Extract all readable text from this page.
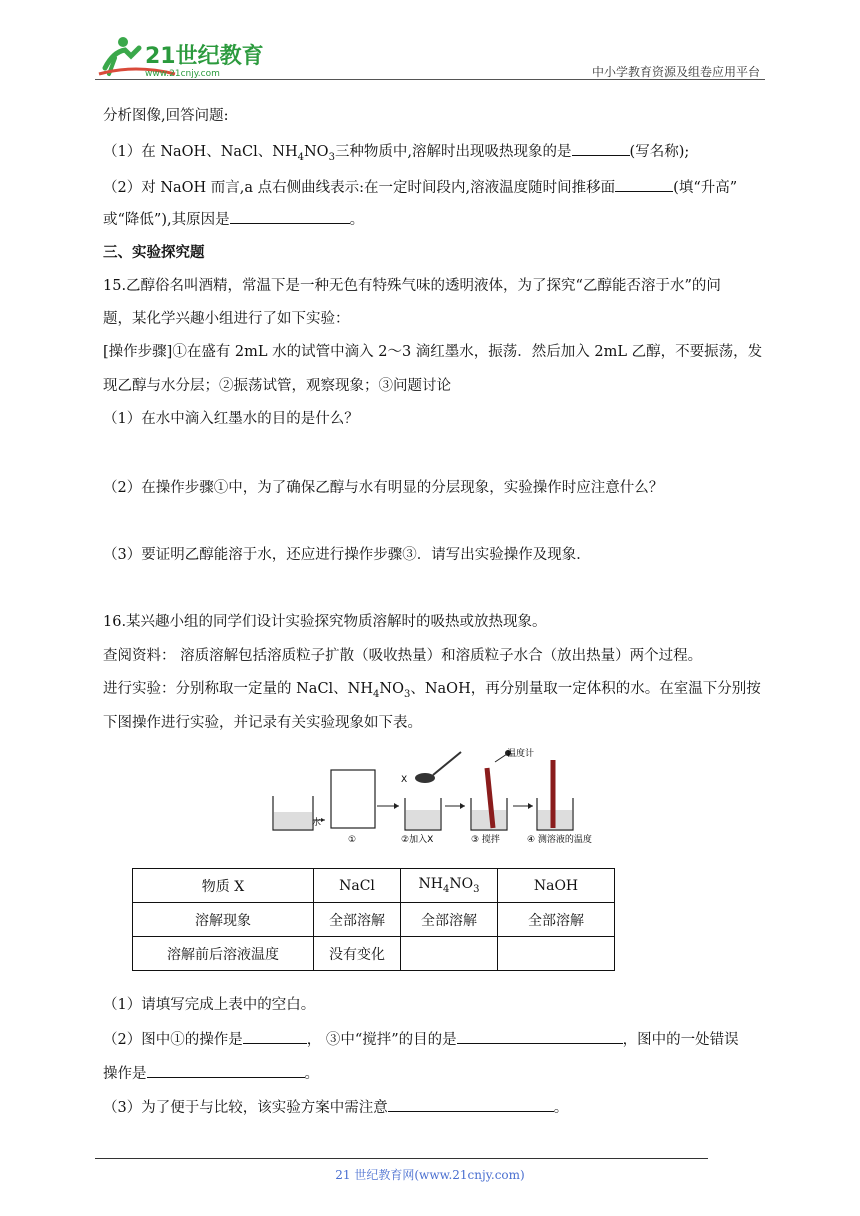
21世纪教育
www.21cnjy.com	中小学教育资源及组卷应用平台
分析图像,回答问题:
（1）在 NaOH、NaCl、$NH_4NO_3$三种物质中,溶解时出现吸热现象的是	(写名称);
（2）对 NaOH 而言,a 点右侧曲线表示:在一定时间段内,溶液温度随时间推移面	(填“升高”
或“降低”),其原因是	。
三、实验探究题
15.乙醇俗名叫酒精，常温下是一种无色有特殊气味的透明液体，为了探究“乙醇能否溶于水”的问
题，某化学兴趣小组进行了如下实验：
[操作步骤]①在盛有 2mL 水的试管中滴入 2～3 滴红墨水，振荡．然后加入 2mL 乙醇，不要振荡，发
现乙醇与水分层；②振荡试管，观察现象；③问题讨论
（1）在水中滴入红墨水的目的是什么？
（2）在操作步骤①中，为了确保乙醇与水有明显的分层现象，实验操作时应注意什么？
（3）要证明乙醇能溶于水，还应进行操作步骤③．请写出实验操作及现象．
16.某兴趣小组的同学们设计实验探究物质溶解时的吸热或放热现象。
查阅资料： 溶质溶解包括溶质粒子扩散（吸收热量）和溶质粒子水合（放出热量）两个过程。
进行实验：分别称取一定量的 NaCl、$NH_4NO_3$、NaOH，再分别量取一定体积的水。在室温下分别按
下图操作进行实验，并记录有关实验现象如下表。
水
①
X
②加入X	③ 搅拌
温度计
④ 测溶液的温度
物质 X	NaCl	$NH_4NO_3$	NaOH
溶解现象	全部溶解	全部溶解	全部溶解
溶解前后溶液温度	没有变化		
（1）请填写完成上表中的空白。
（2）图中①的操作是	， ③中“搅拌”的目的是	，图中的一处错误
操作是	。
（3）为了便于与比较，该实验方案中需注意	。
21 世纪教育网(www.21cnjy.com)
